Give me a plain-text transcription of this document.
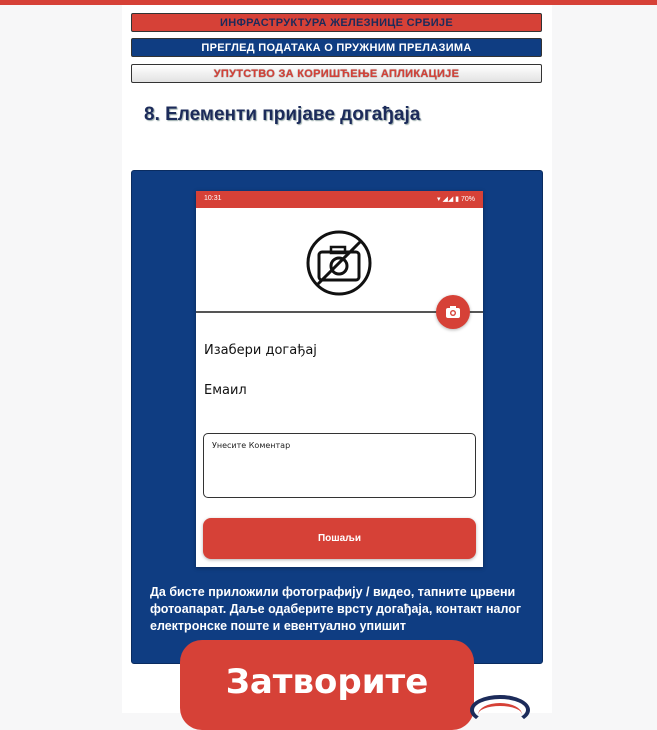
ИНФРАСТРУКТУРА ЖЕЛЕЗНИЦЕ СРБИЈЕ
ПРЕГЛЕД ПОДАТАКА О ПРУЖНИМ ПРЕЛАЗИМА
УПУТСТВО ЗА КОРИШЋЕЊЕ АПЛИКАЦИЈЕ
8. Елементи пријаве догађаја
10:31	▾ ◢◢ ▮ 70%
Изабери догађај
Емаил
Унесите Коментар
Пошаљи
Да бисте приложили фотографију / видео, тапните црвени фотоапарат. Даље одаберите врсту догађаја, контакт налог електронске поште и евентуално упишит
Затворите
